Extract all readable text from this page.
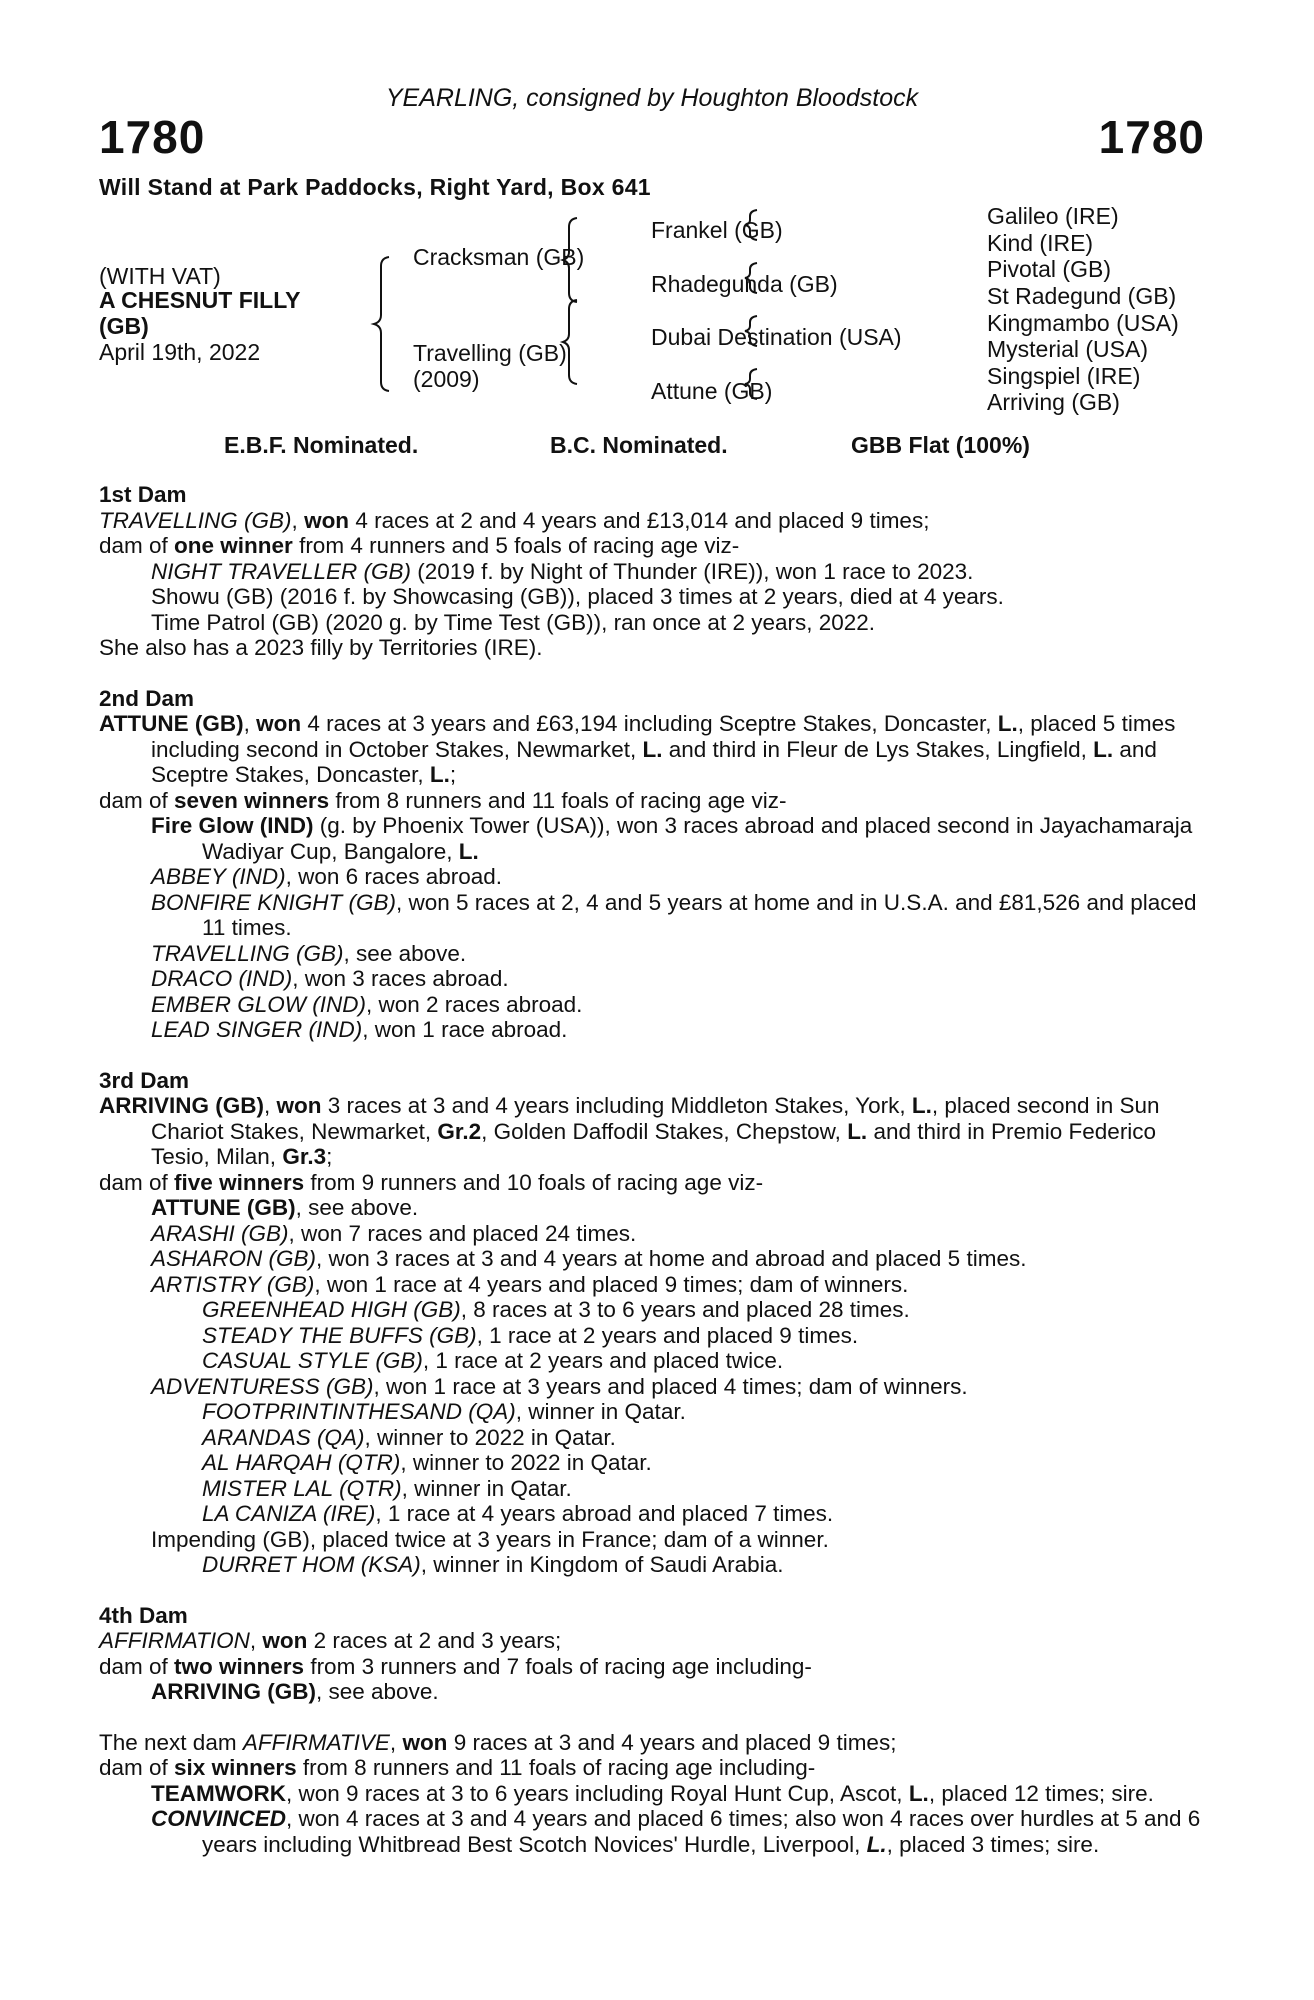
YEARLING, consigned by Houghton Bloodstock
1780	1780
Will Stand at Park Paddocks, Right Yard, Box 641
(WITH VAT)
A CHESNUT FILLY
(GB)
April 19th, 2022
Cracksman (GB)
Travelling (GB)
(2009)
Frankel (GB)
Rhadegunda (GB)
Dubai Destination (USA)
Attune (GB)
Galileo (IRE)
Kind (IRE)
Pivotal (GB)
St Radegund (GB)
Kingmambo (USA)
Mysterial (USA)
Singspiel (IRE)
Arriving (GB)
E.B.F. Nominated.	B.C. Nominated.	GBB Flat (100%)
1st Dam
TRAVELLING (GB), won 4 races at 2 and 4 years and £13,014 and placed 9 times;
dam of one winner from 4 runners and 5 foals of racing age viz-
NIGHT TRAVELLER (GB) (2019 f. by Night of Thunder (IRE)), won 1 race to 2023.
Showu (GB) (2016 f. by Showcasing (GB)), placed 3 times at 2 years, died at 4 years.
Time Patrol (GB) (2020 g. by Time Test (GB)), ran once at 2 years, 2022.
She also has a 2023 filly by Territories (IRE).
2nd Dam
ATTUNE (GB), won 4 races at 3 years and £63,194 including Sceptre Stakes, Doncaster, L., placed 5 times including second in October Stakes, Newmarket, L. and third in Fleur de Lys Stakes, Lingfield, L. and Sceptre Stakes, Doncaster, L.;
dam of seven winners from 8 runners and 11 foals of racing age viz-
Fire Glow (IND) (g. by Phoenix Tower (USA)), won 3 races abroad and placed second in Jayachamaraja Wadiyar Cup, Bangalore, L.
ABBEY (IND), won 6 races abroad.
BONFIRE KNIGHT (GB), won 5 races at 2, 4 and 5 years at home and in U.S.A. and £81,526 and placed 11 times.
TRAVELLING (GB), see above.
DRACO (IND), won 3 races abroad.
EMBER GLOW (IND), won 2 races abroad.
LEAD SINGER (IND), won 1 race abroad.
3rd Dam
ARRIVING (GB), won 3 races at 3 and 4 years including Middleton Stakes, York, L., placed second in Sun Chariot Stakes, Newmarket, Gr.2, Golden Daffodil Stakes, Chepstow, L. and third in Premio Federico Tesio, Milan, Gr.3;
dam of five winners from 9 runners and 10 foals of racing age viz-
ATTUNE (GB), see above.
ARASHI (GB), won 7 races and placed 24 times.
ASHARON (GB), won 3 races at 3 and 4 years at home and abroad and placed 5 times.
ARTISTRY (GB), won 1 race at 4 years and placed 9 times; dam of winners.
GREENHEAD HIGH (GB), 8 races at 3 to 6 years and placed 28 times.
STEADY THE BUFFS (GB), 1 race at 2 years and placed 9 times.
CASUAL STYLE (GB), 1 race at 2 years and placed twice.
ADVENTURESS (GB), won 1 race at 3 years and placed 4 times; dam of winners.
FOOTPRINTINTHESAND (QA), winner in Qatar.
ARANDAS (QA), winner to 2022 in Qatar.
AL HARQAH (QTR), winner to 2022 in Qatar.
MISTER LAL (QTR), winner in Qatar.
LA CANIZA (IRE), 1 race at 4 years abroad and placed 7 times.
Impending (GB), placed twice at 3 years in France; dam of a winner.
DURRET HOM (KSA), winner in Kingdom of Saudi Arabia.
4th Dam
AFFIRMATION, won 2 races at 2 and 3 years;
dam of two winners from 3 runners and 7 foals of racing age including-
ARRIVING (GB), see above.
The next dam AFFIRMATIVE, won 9 races at 3 and 4 years and placed 9 times;
dam of six winners from 8 runners and 11 foals of racing age including-
TEAMWORK, won 9 races at 3 to 6 years including Royal Hunt Cup, Ascot, L., placed 12 times; sire.
CONVINCED, won 4 races at 3 and 4 years and placed 6 times; also won 4 races over hurdles at 5 and 6 years including Whitbread Best Scotch Novices' Hurdle, Liverpool, L., placed 3 times; sire.
